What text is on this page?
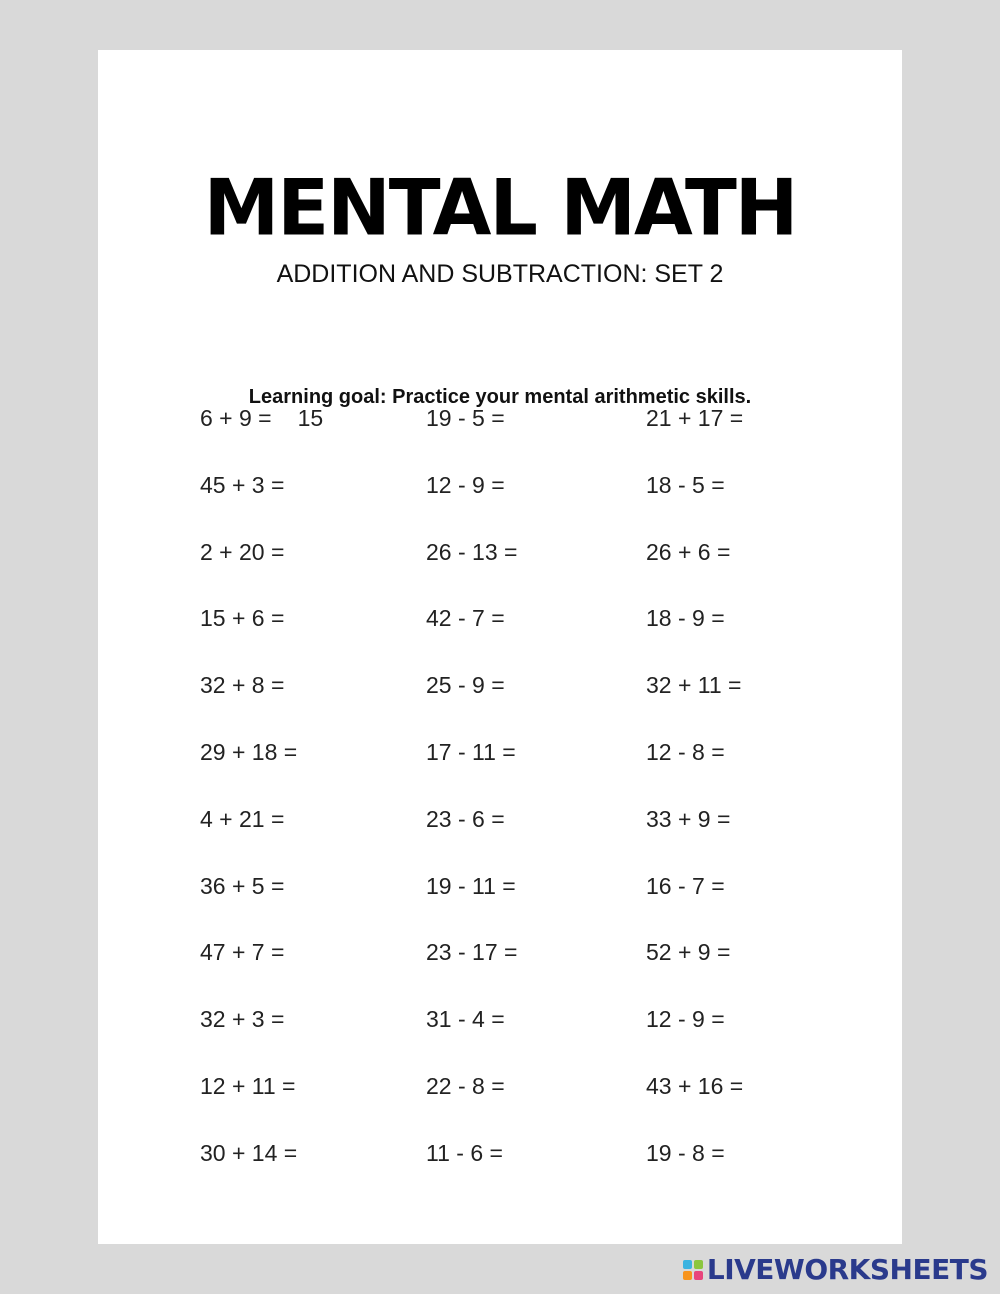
MENTAL MATH
ADDITION AND SUBTRACTION: SET 2
Learning goal: Practice your mental arithmetic skills.
6 + 9 = 15
45 + 3 =
2 + 20 =
15 + 6 =
32 + 8 =
29 + 18 =
4 + 21 =
36 + 5 =
47 + 7 =
32 + 3 =
12 + 11 =
30 + 14 =
19 - 5 =
12 - 9 =
26 - 13 =
42 - 7 =
25 - 9 =
17 - 11 =
23 - 6 =
19 - 11 =
23 - 17 =
31 - 4 =
22 - 8 =
11 - 6 =
21 + 17 =
18 - 5 =
26 + 6 =
18 - 9 =
32 + 11 =
12 - 8 =
33 + 9 =
16 - 7 =
52 + 9 =
12 - 9 =
43 + 16 =
19 - 8 =
LIVEWORKSHEETS
